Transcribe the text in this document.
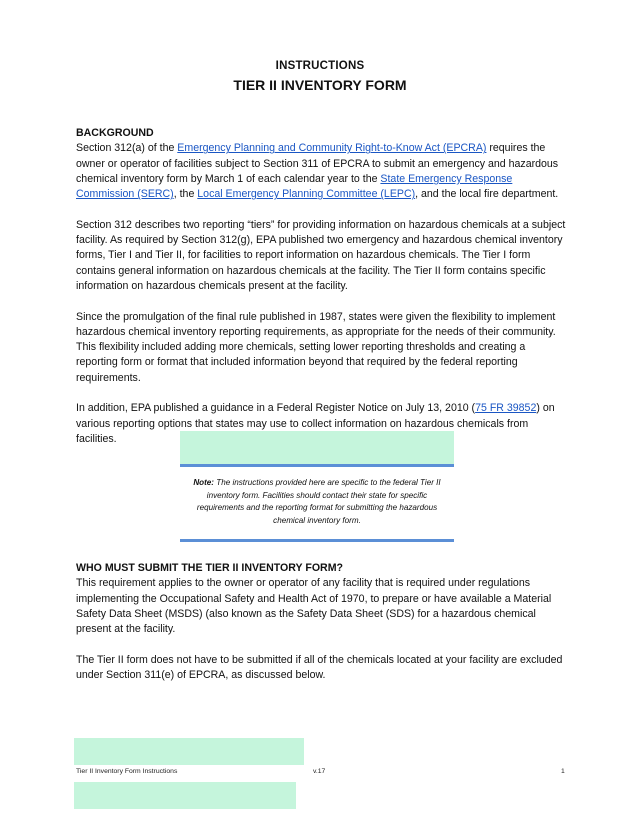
INSTRUCTIONS
TIER II INVENTORY FORM
BACKGROUND

Section 312(a) of the Emergency Planning and Community Right-to-Know Act (EPCRA) requires the owner or operator of facilities subject to Section 311 of EPCRA to submit an emergency and hazardous chemical inventory form by March 1 of each calendar year to the State Emergency Response Commission (SERC), the Local Emergency Planning Committee (LEPC), and the local fire department.

Section 312 describes two reporting “tiers” for providing information on hazardous chemicals at a subject facility. As required by Section 312(g), EPA published two emergency and hazardous chemical inventory forms, Tier I and Tier II, for facilities to report information on hazardous chemicals. The Tier I form contains general information on hazardous chemicals at the facility. The Tier II form contains specific information on hazardous chemicals present at the facility.

Since the promulgation of the final rule published in 1987, states were given the flexibility to implement hazardous chemical inventory reporting requirements, as appropriate for the needs of their community. This flexibility included adding more chemicals, setting lower reporting thresholds and creating a reporting form or format that included information beyond that required by the federal reporting requirements.

In addition, EPA published a guidance in a Federal Register Notice on July 13, 2010 (75 FR 39852) on various reporting options that states may use to collect information on hazardous chemicals from facilities.

Note: The instructions provided here are specific to the federal Tier II inventory form. Facilities should contact their state for specific requirements and the reporting format for submitting the hazardous chemical inventory form.
WHO MUST SUBMIT THE TIER II INVENTORY FORM?

This requirement applies to the owner or operator of any facility that is required under regulations implementing the Occupational Safety and Health Act of 1970, to prepare or have available a Material Safety Data Sheet (MSDS) (also known as the Safety Data Sheet (SDS) for a hazardous chemical present at the facility.

The Tier II form does not have to be submitted if all of the chemicals located at your facility are excluded under Section 311(e) of EPCRA, as discussed below.

Tier II Inventory Form Instructions	v.17	1
